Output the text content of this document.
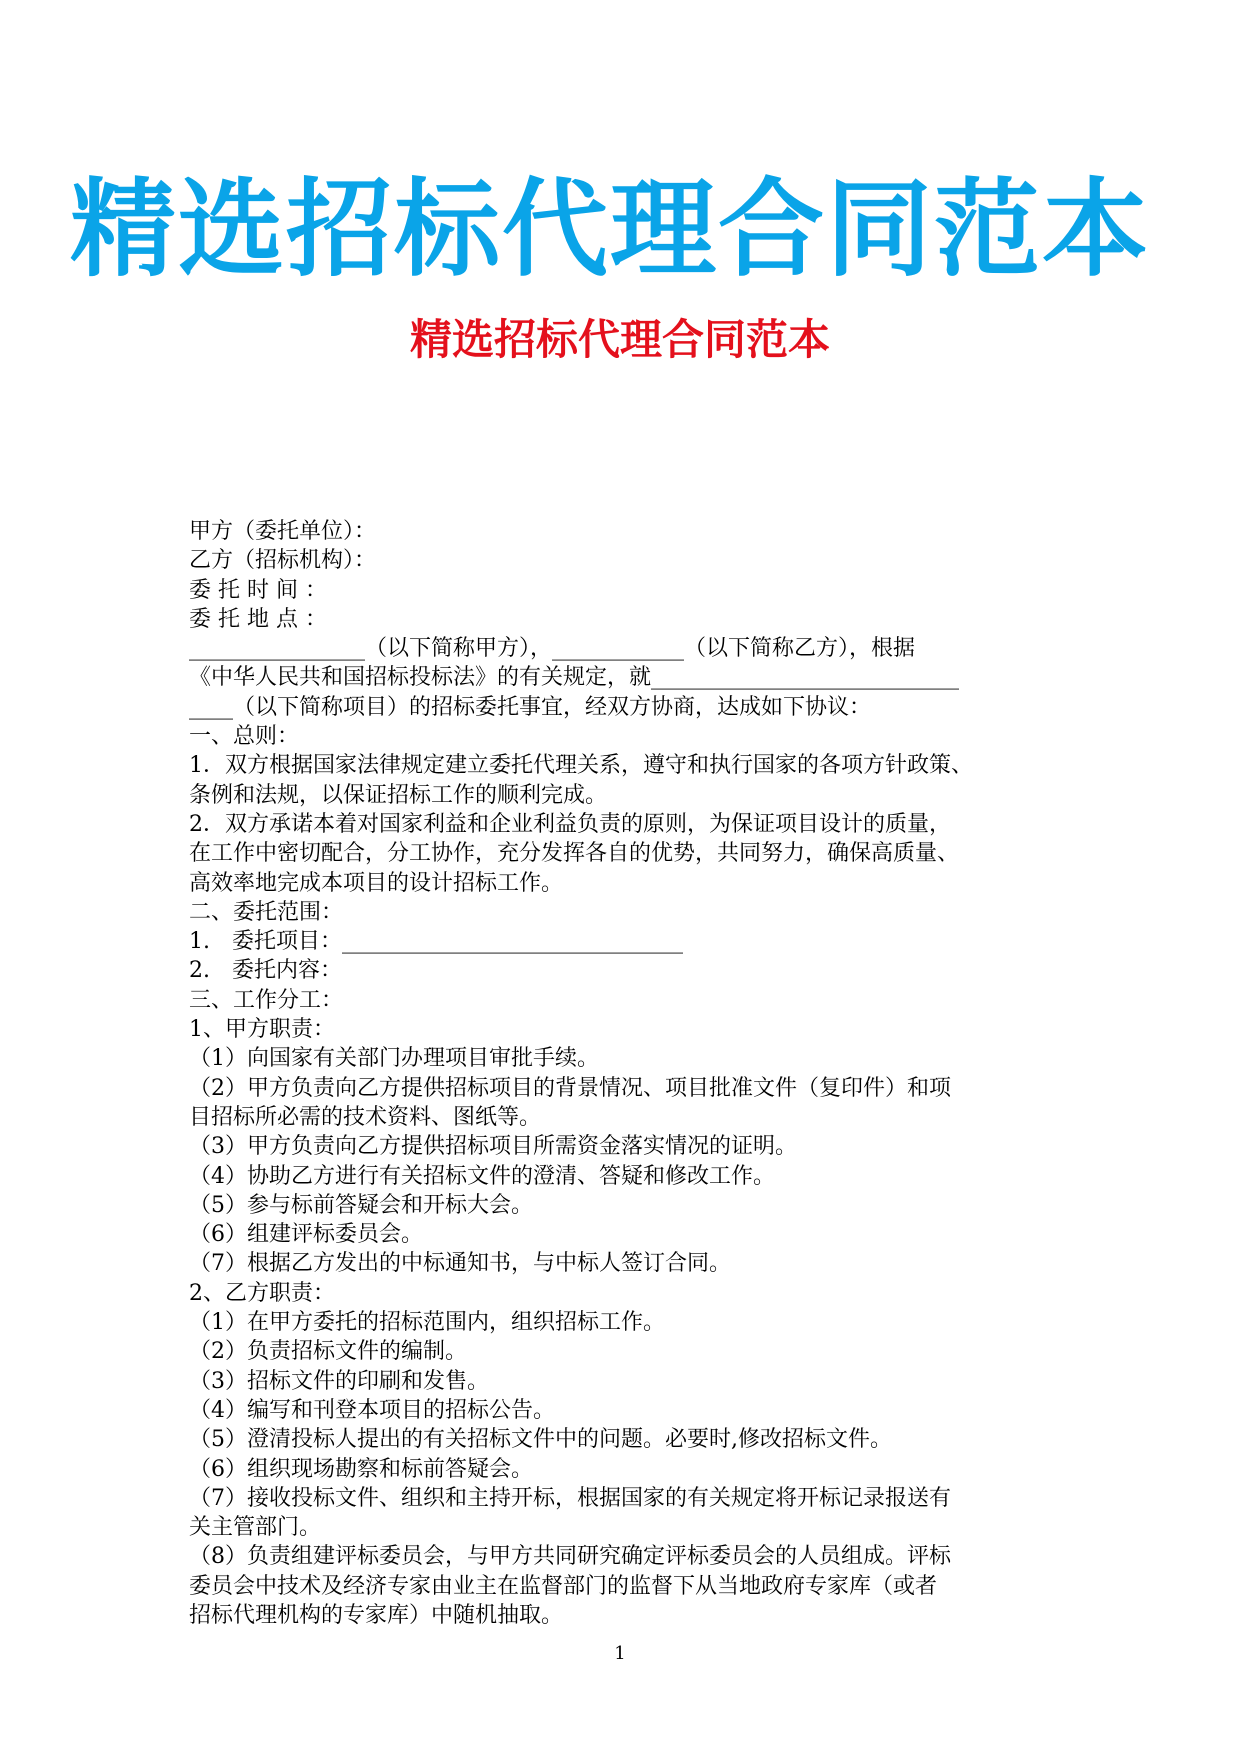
精选招标代理合同范本
精选招标代理合同范本

甲方（委托单位）：

乙方（招标机构）：

委 托 时 间 ：

委 托 地 点 ：

________________（以下简称甲方），____________（以下简称乙方），根据

《中华人民共和国招标投标法》的有关规定，就____________________________

____（以下简称项目）的招标委托事宜，经双方协商，达成如下协议：

一、总则：

1．双方根据国家法律规定建立委托代理关系，遵守和执行国家的各项方针政策、

条例和法规，以保证招标工作的顺利完成。

2．双方承诺本着对国家利益和企业利益负责的原则，为保证项目设计的质量，

在工作中密切配合，分工协作，充分发挥各自的优势，共同努力，确保高质量、

高效率地完成本项目的设计招标工作。

二、委托范围：

1.　委托项目：_______________________________

2.　委托内容：

三、工作分工：

1、甲方职责：

（1）向国家有关部门办理项目审批手续。

（2）甲方负责向乙方提供招标项目的背景情况、项目批准文件（复印件）和项

目招标所必需的技术资料、图纸等。

（3）甲方负责向乙方提供招标项目所需资金落实情况的证明。

（4）协助乙方进行有关招标文件的澄清、答疑和修改工作。

（5）参与标前答疑会和开标大会。

（6）组建评标委员会。

（7）根据乙方发出的中标通知书，与中标人签订合同。

2、乙方职责：

（1）在甲方委托的招标范围内，组织招标工作。

（2）负责招标文件的编制。

（3）招标文件的印刷和发售。

（4）编写和刊登本项目的招标公告。

（5）澄清投标人提出的有关招标文件中的问题。必要时,修改招标文件。

（6）组织现场勘察和标前答疑会。

（7）接收投标文件、组织和主持开标，根据国家的有关规定将开标记录报送有

关主管部门。

（8）负责组建评标委员会，与甲方共同研究确定评标委员会的人员组成。评标

委员会中技术及经济专家由业主在监督部门的监督下从当地政府专家库（或者

招标代理机构的专家库）中随机抽取。

1
